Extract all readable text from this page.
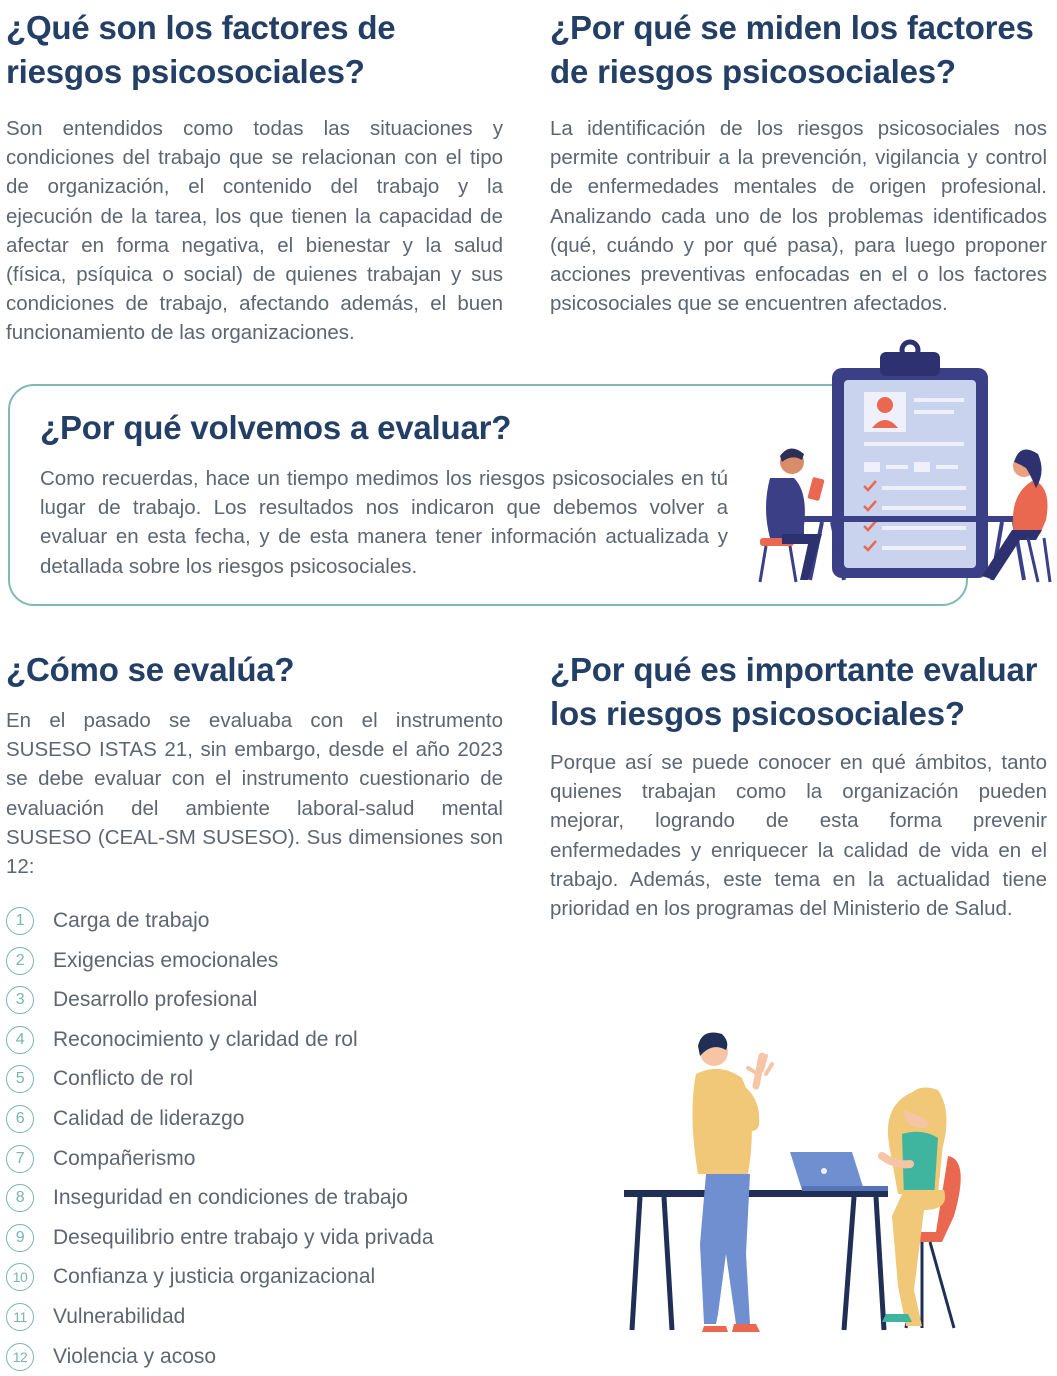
¿Qué son los factores de riesgos psicosociales?

Son entendidos como todas las situaciones y condiciones del trabajo que se relacionan con el tipo de organización, el contenido del trabajo y la ejecución de la tarea, los que tienen la capacidad de afectar en forma negativa, el bienestar y la salud (física, psíquica o social) de quienes trabajan y sus condiciones de trabajo, afectando además, el buen funcionamiento de las organizaciones.

¿Por qué se miden los factores de riesgos psicosociales?

La identificación de los riesgos psicosociales nos permite contribuir a la prevención, vigilancia y control de enfermedades mentales de origen profesional. Analizando cada uno de los problemas identificados (qué, cuándo y por qué pasa), para luego proponer acciones preventivas enfocadas en el o los factores psicosociales que se encuentren afectados.

¿Por qué volvemos a evaluar?

Como recuerdas, hace un tiempo medimos los riesgos psicosociales en tú lugar de trabajo. Los resultados nos indicaron que debemos volver a evaluar en esta fecha, y de esta manera tener información actualizada y detallada sobre los riesgos psicosociales.

¿Cómo se evalúa?

En el pasado se evaluaba con el instrumento SUSESO ISTAS 21, sin embargo, desde el año 2023 se debe evaluar con el instrumento cuestionario de evaluación del ambiente laboral-salud mental SUSESO (CEAL-SM SUSESO). Sus dimensiones son 12:

1	Carga de trabajo
2	Exigencias emocionales
3	Desarrollo profesional
4	Reconocimiento y claridad de rol
5	Conflicto de rol
6	Calidad de liderazgo
7	Compañerismo
8	Inseguridad en condiciones de trabajo
9	Desequilibrio entre trabajo y vida privada
10	Confianza y justicia organizacional
11	Vulnerabilidad
12	Violencia y acoso
¿Por qué es importante evaluar los riesgos psicosociales?

Porque así se puede conocer en qué ámbitos, tanto quienes trabajan como la organización pueden mejorar, logrando de esta forma prevenir enfermedades y enriquecer la calidad de vida en el trabajo. Además, este tema en la actualidad tiene prioridad en los programas del Ministerio de Salud.
